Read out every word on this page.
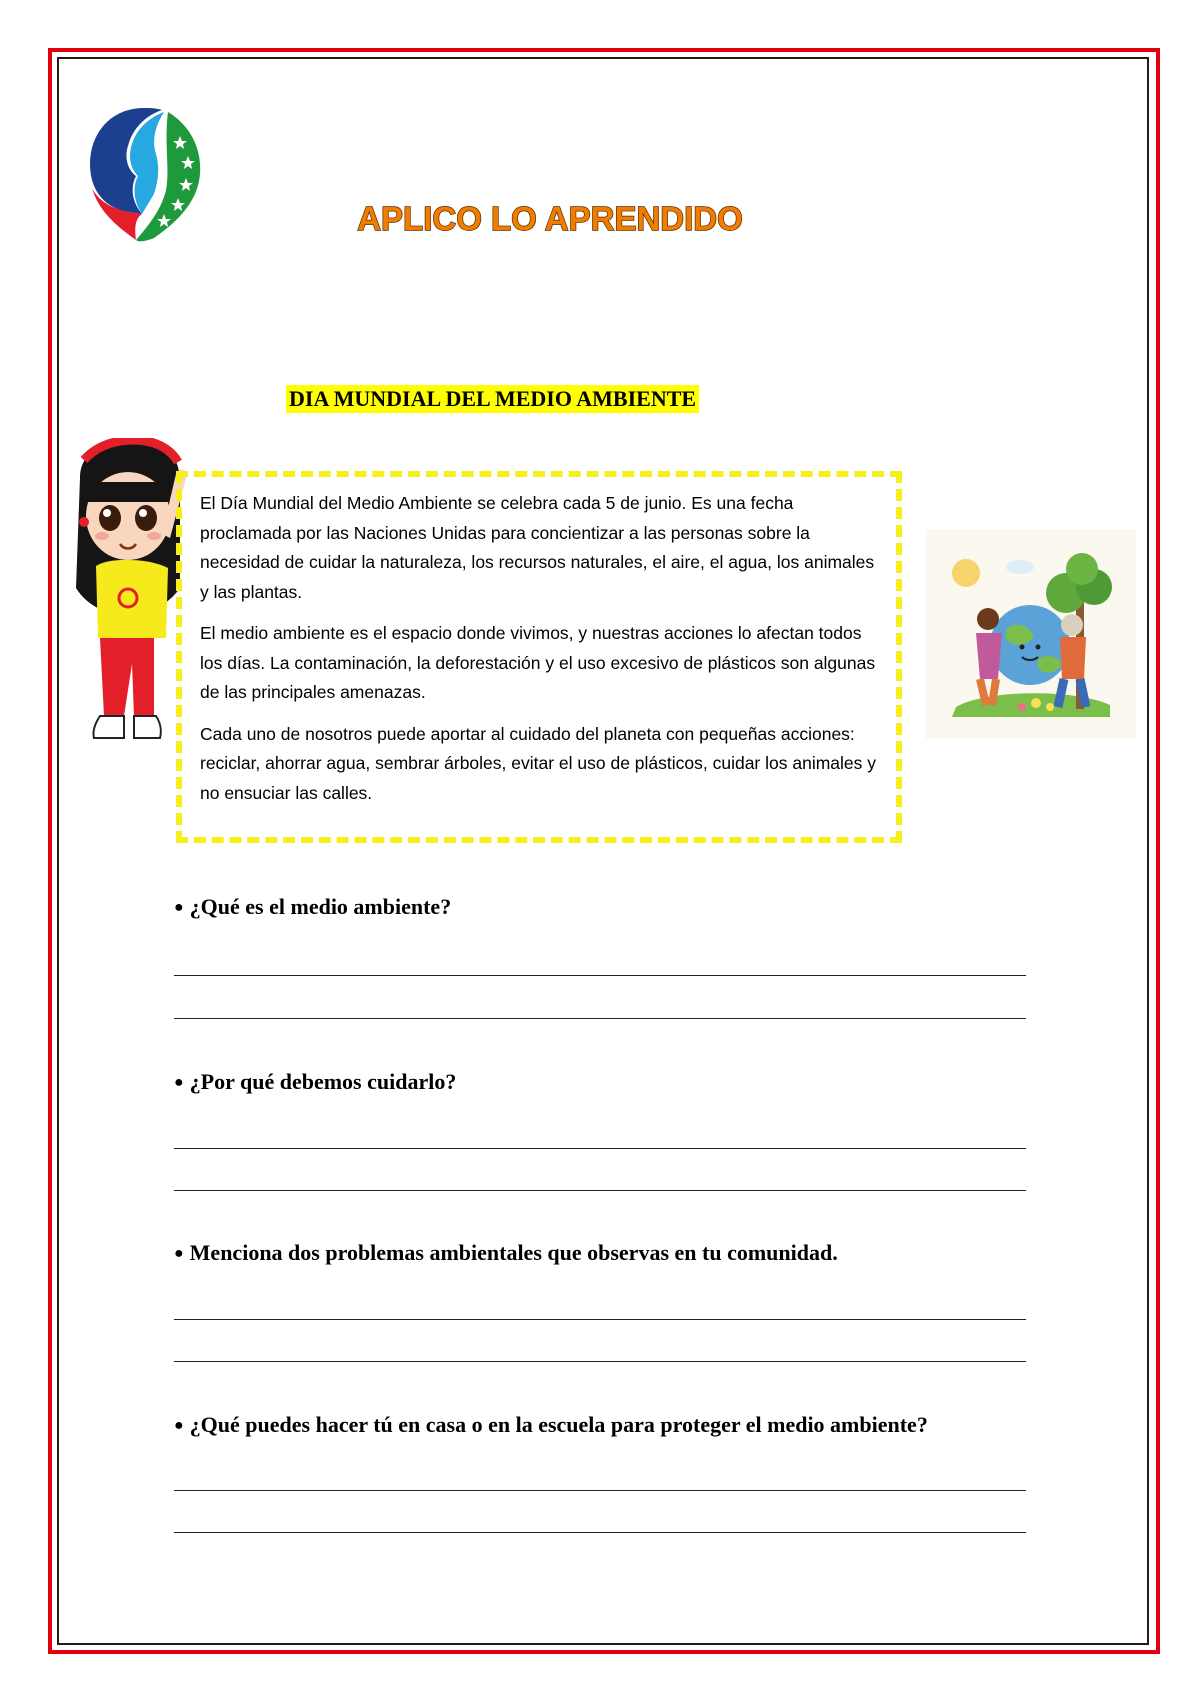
APLICO LO APRENDIDO
DIA MUNDIAL DEL MEDIO AMBIENTE

El Día Mundial del Medio Ambiente se celebra cada 5 de junio. Es una fecha proclamada por las Naciones Unidas para concientizar a las personas sobre la necesidad de cuidar la naturaleza, los recursos naturales, el aire, el agua, los animales y las plantas.

El medio ambiente es el espacio donde vivimos, y nuestras acciones lo afectan todos los días. La contaminación, la deforestación y el uso excesivo de plásticos son algunas de las principales amenazas.

Cada uno de nosotros puede aportar al cuidado del planeta con pequeñas acciones: reciclar, ahorrar agua, sembrar árboles, evitar el uso de plásticos, cuidar los animales y no ensuciar las calles.

● ¿Qué es el medio ambiente?
● ¿Por qué debemos cuidarlo?
● Menciona dos problemas ambientales que observas en tu comunidad.
● ¿Qué puedes hacer tú en casa o en la escuela para proteger el medio ambiente?
